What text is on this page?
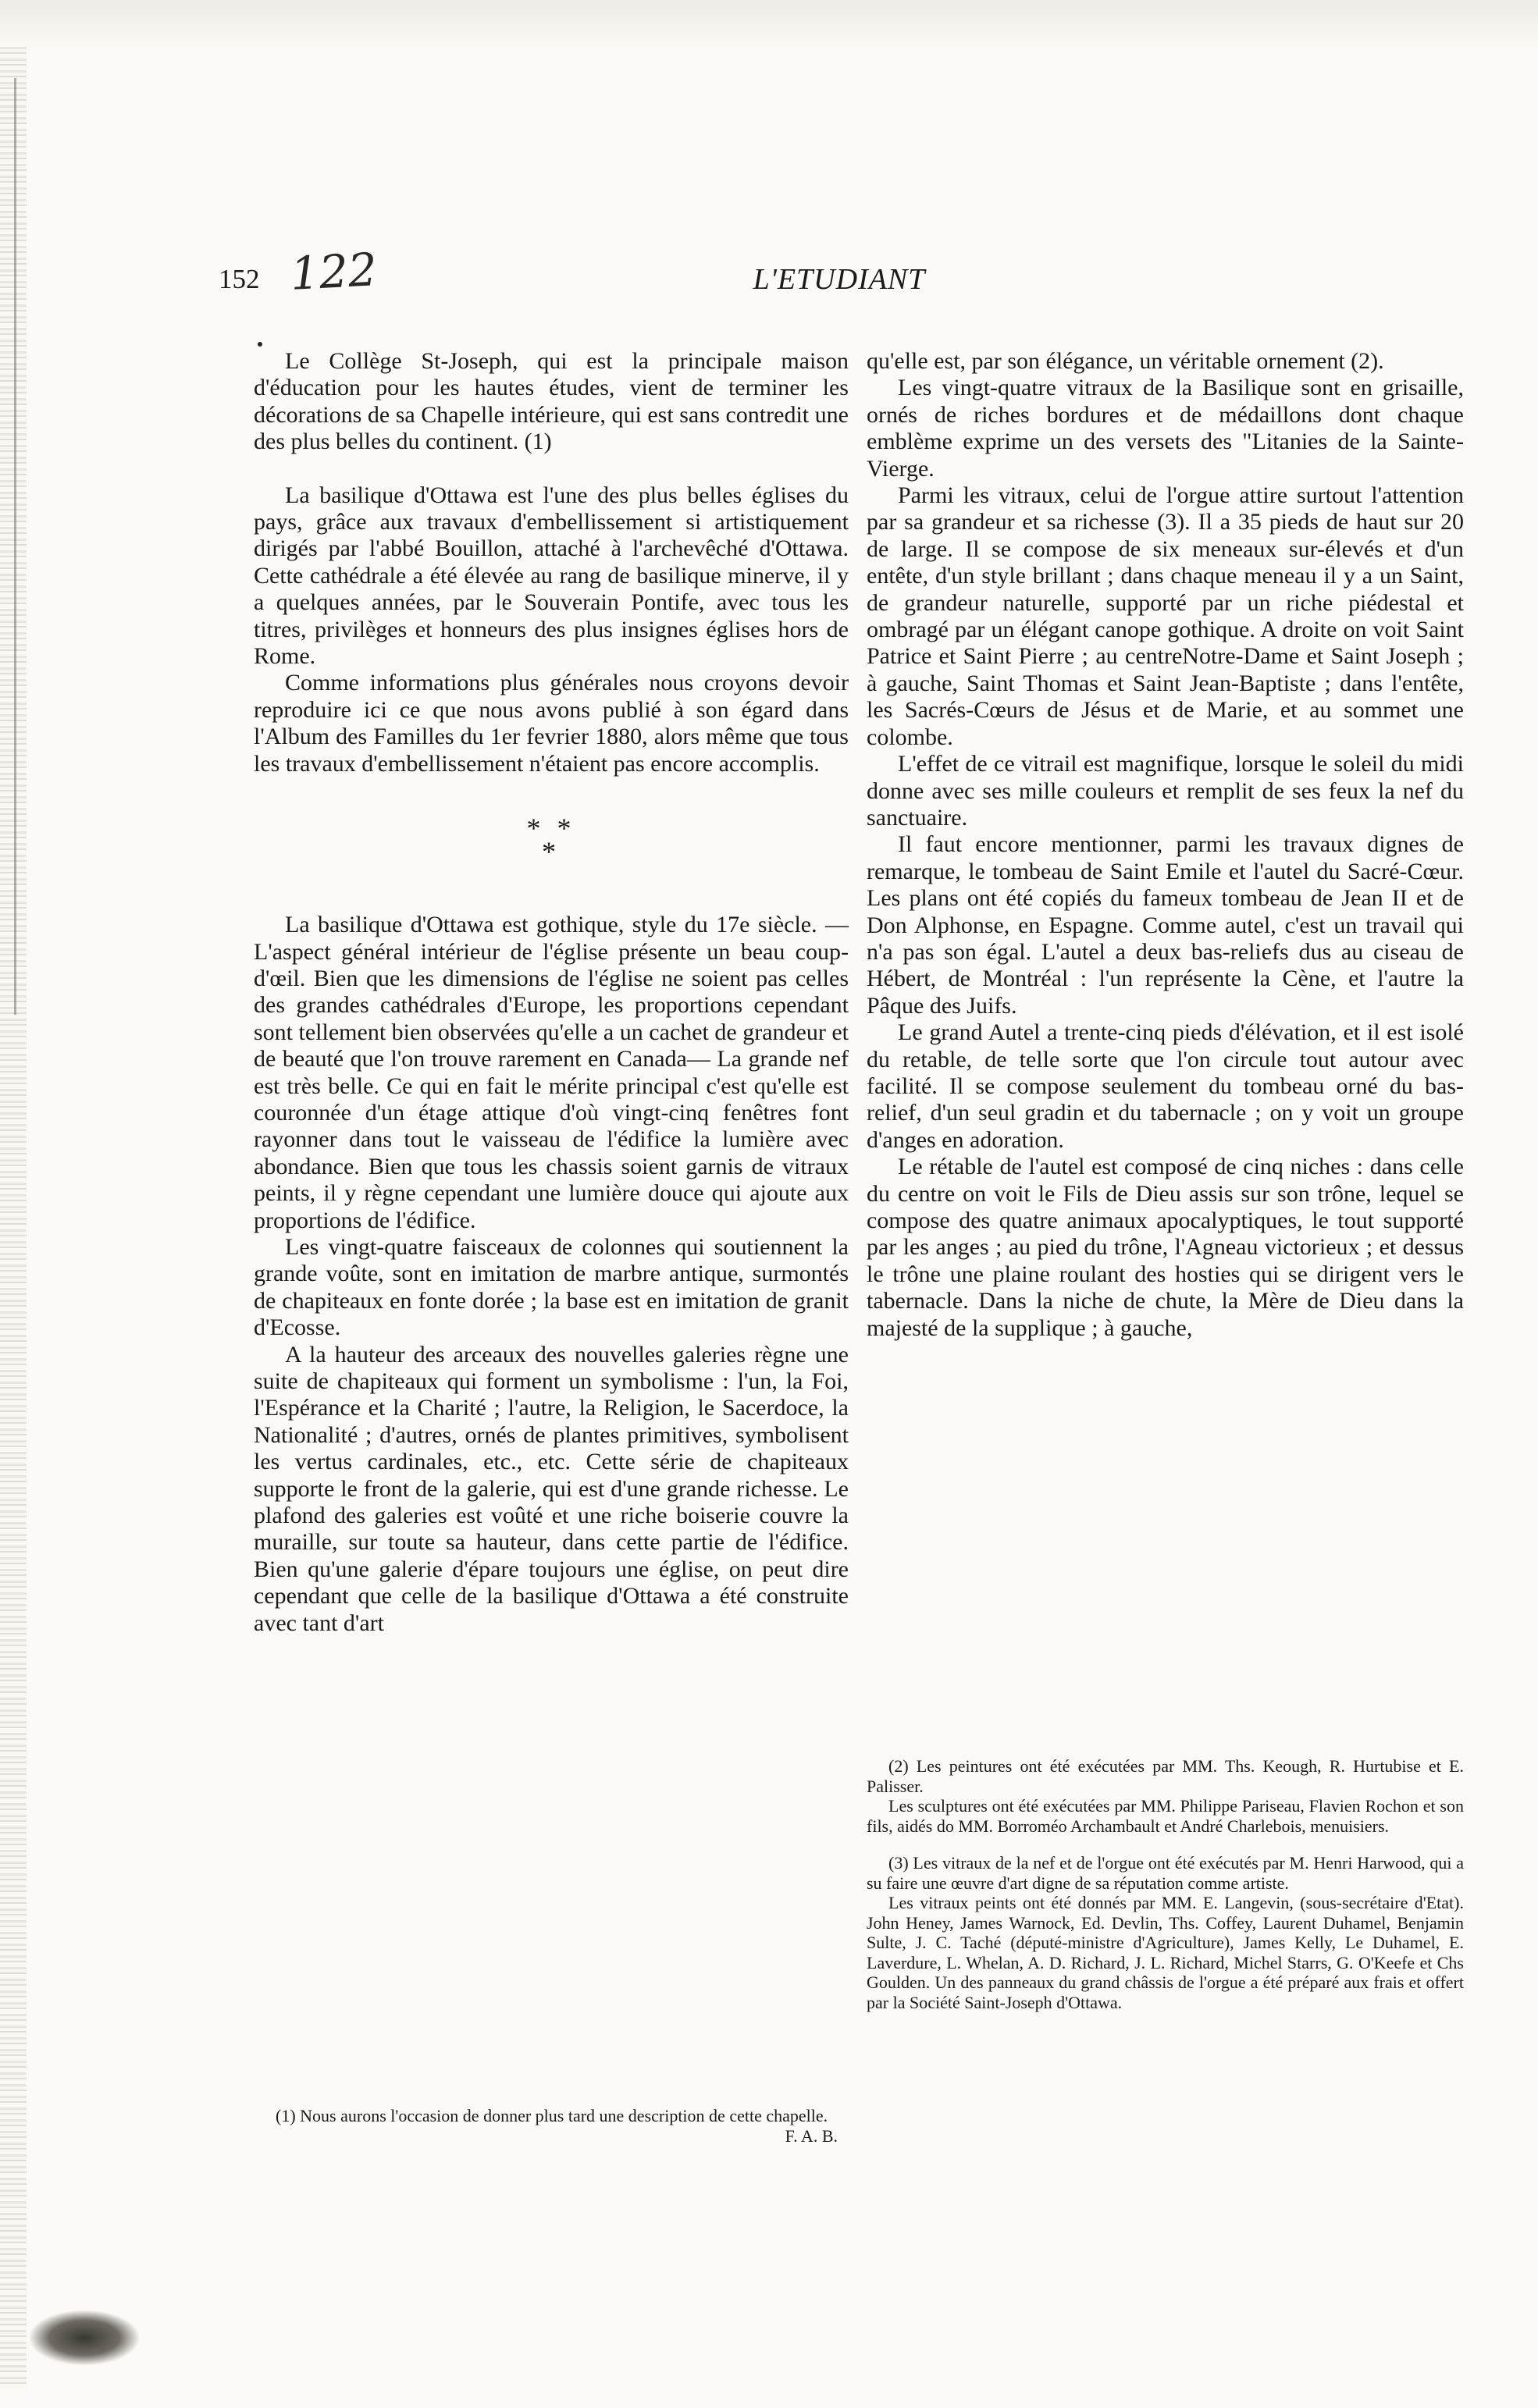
152 122	L'ETUDIANT

Le Collège St-Joseph, qui est la principale maison d'éducation pour les hautes études, vient de terminer les décorations de sa Chapelle intérieure, qui est sans contredit une des plus belles du continent. (1)

La basilique d'Ottawa est l'une des plus belles églises du pays, grâce aux travaux d'embellissement si artistiquement dirigés par l'abbé Bouillon, attaché à l'archevêché d'Ottawa. Cette cathédrale a été élevée au rang de basilique minerve, il y a quelques années, par le Souverain Pontife, avec tous les titres, privilèges et honneurs des plus insignes églises hors de Rome.

Comme informations plus générales nous croyons devoir reproduire ici ce que nous avons publié à son égard dans l'Album des Familles du 1er fevrier 1880, alors même que tous les travaux d'embellissement n'étaient pas encore accomplis.

* *
*

La basilique d'Ottawa est gothique, style du 17e siècle. — L'aspect général intérieur de l'église présente un beau coup-d'œil. Bien que les dimensions de l'église ne soient pas celles des grandes cathédrales d'Europe, les proportions cependant sont tellement bien observées qu'elle a un cachet de grandeur et de beauté que l'on trouve rarement en Canada— La grande nef est très belle. Ce qui en fait le mérite principal c'est qu'elle est couronnée d'un étage attique d'où vingt-cinq fenêtres font rayonner dans tout le vaisseau de l'édifice la lumière avec abondance. Bien que tous les chassis soient garnis de vitraux peints, il y règne cependant une lumière douce qui ajoute aux proportions de l'édifice.

Les vingt-quatre faisceaux de colonnes qui soutiennent la grande voûte, sont en imitation de marbre antique, surmontés de chapiteaux en fonte dorée ; la base est en imitation de granit d'Ecosse.

A la hauteur des arceaux des nouvelles galeries règne une suite de chapiteaux qui forment un symbolisme : l'un, la Foi, l'Espérance et la Charité ; l'autre, la Religion, le Sacerdoce, la Nationalité ; d'autres, ornés de plantes primitives, symbolisent les vertus cardinales, etc., etc. Cette série de chapiteaux supporte le front de la galerie, qui est d'une grande richesse. Le plafond des galeries est voûté et une riche boiserie couvre la muraille, sur toute sa hauteur, dans cette partie de l'édifice. Bien qu'une galerie d'épare toujours une église, on peut dire cependant que celle de la basilique d'Ottawa a été construite avec tant d'art

(1) Nous aurons l'occasion de donner plus tard une description de cette chapelle.
F. A. B.

qu'elle est, par son élégance, un véritable ornement (2).

Les vingt-quatre vitraux de la Basilique sont en grisaille, ornés de riches bordures et de médaillons dont chaque emblème exprime un des versets des "Litanies de la Sainte-Vierge.

Parmi les vitraux, celui de l'orgue attire surtout l'attention par sa grandeur et sa richesse (3). Il a 35 pieds de haut sur 20 de large. Il se compose de six meneaux sur-élevés et d'un entête, d'un style brillant ; dans chaque meneau il y a un Saint, de grandeur naturelle, supporté par un riche piédestal et ombragé par un élégant canope gothique. A droite on voit Saint Patrice et Saint Pierre ; au centreNotre-Dame et Saint Joseph ; à gauche, Saint Thomas et Saint Jean-Baptiste ; dans l'entête, les Sacrés-Cœurs de Jésus et de Marie, et au sommet une colombe.

L'effet de ce vitrail est magnifique, lorsque le soleil du midi donne avec ses mille couleurs et remplit de ses feux la nef du sanctuaire.

Il faut encore mentionner, parmi les travaux dignes de remarque, le tombeau de Saint Emile et l'autel du Sacré-Cœur. Les plans ont été copiés du fameux tombeau de Jean II et de Don Alphonse, en Espagne. Comme autel, c'est un travail qui n'a pas son égal. L'autel a deux bas-reliefs dus au ciseau de Hébert, de Montréal : l'un représente la Cène, et l'autre la Pâque des Juifs.

Le grand Autel a trente-cinq pieds d'élévation, et il est isolé du retable, de telle sorte que l'on circule tout autour avec facilité. Il se compose seulement du tombeau orné du bas-relief, d'un seul gradin et du tabernacle ; on y voit un groupe d'anges en adoration.

Le rétable de l'autel est composé de cinq niches : dans celle du centre on voit le Fils de Dieu assis sur son trône, lequel se compose des quatre animaux apocalyptiques, le tout supporté par les anges ; au pied du trône, l'Agneau victorieux ; et dessus le trône une plaine roulant des hosties qui se dirigent vers le tabernacle. Dans la niche de chute, la Mère de Dieu dans la majesté de la supplique ; à gauche,

(2) Les peintures ont été exécutées par MM. Ths. Keough, R. Hurtubise et E. Palisser.

Les sculptures ont été exécutées par MM. Philippe Pariseau, Flavien Rochon et son fils, aidés do MM. Borroméo Archambault et André Charlebois, menuisiers.

(3) Les vitraux de la nef et de l'orgue ont été exécutés par M. Henri Harwood, qui a su faire une œuvre d'art digne de sa réputation comme artiste.

Les vitraux peints ont été donnés par MM. E. Langevin, (sous-secrétaire d'Etat). John Heney, James Warnock, Ed. Devlin, Ths. Coffey, Laurent Duhamel, Benjamin Sulte, J. C. Taché (député-ministre d'Agriculture), James Kelly, Le Duhamel, E. Laverdure, L. Whelan, A. D. Richard, J. L. Richard, Michel Starrs, G. O'Keefe et Chs Goulden. Un des panneaux du grand châssis de l'orgue a été préparé aux frais et offert par la Société Saint-Joseph d'Ottawa.
